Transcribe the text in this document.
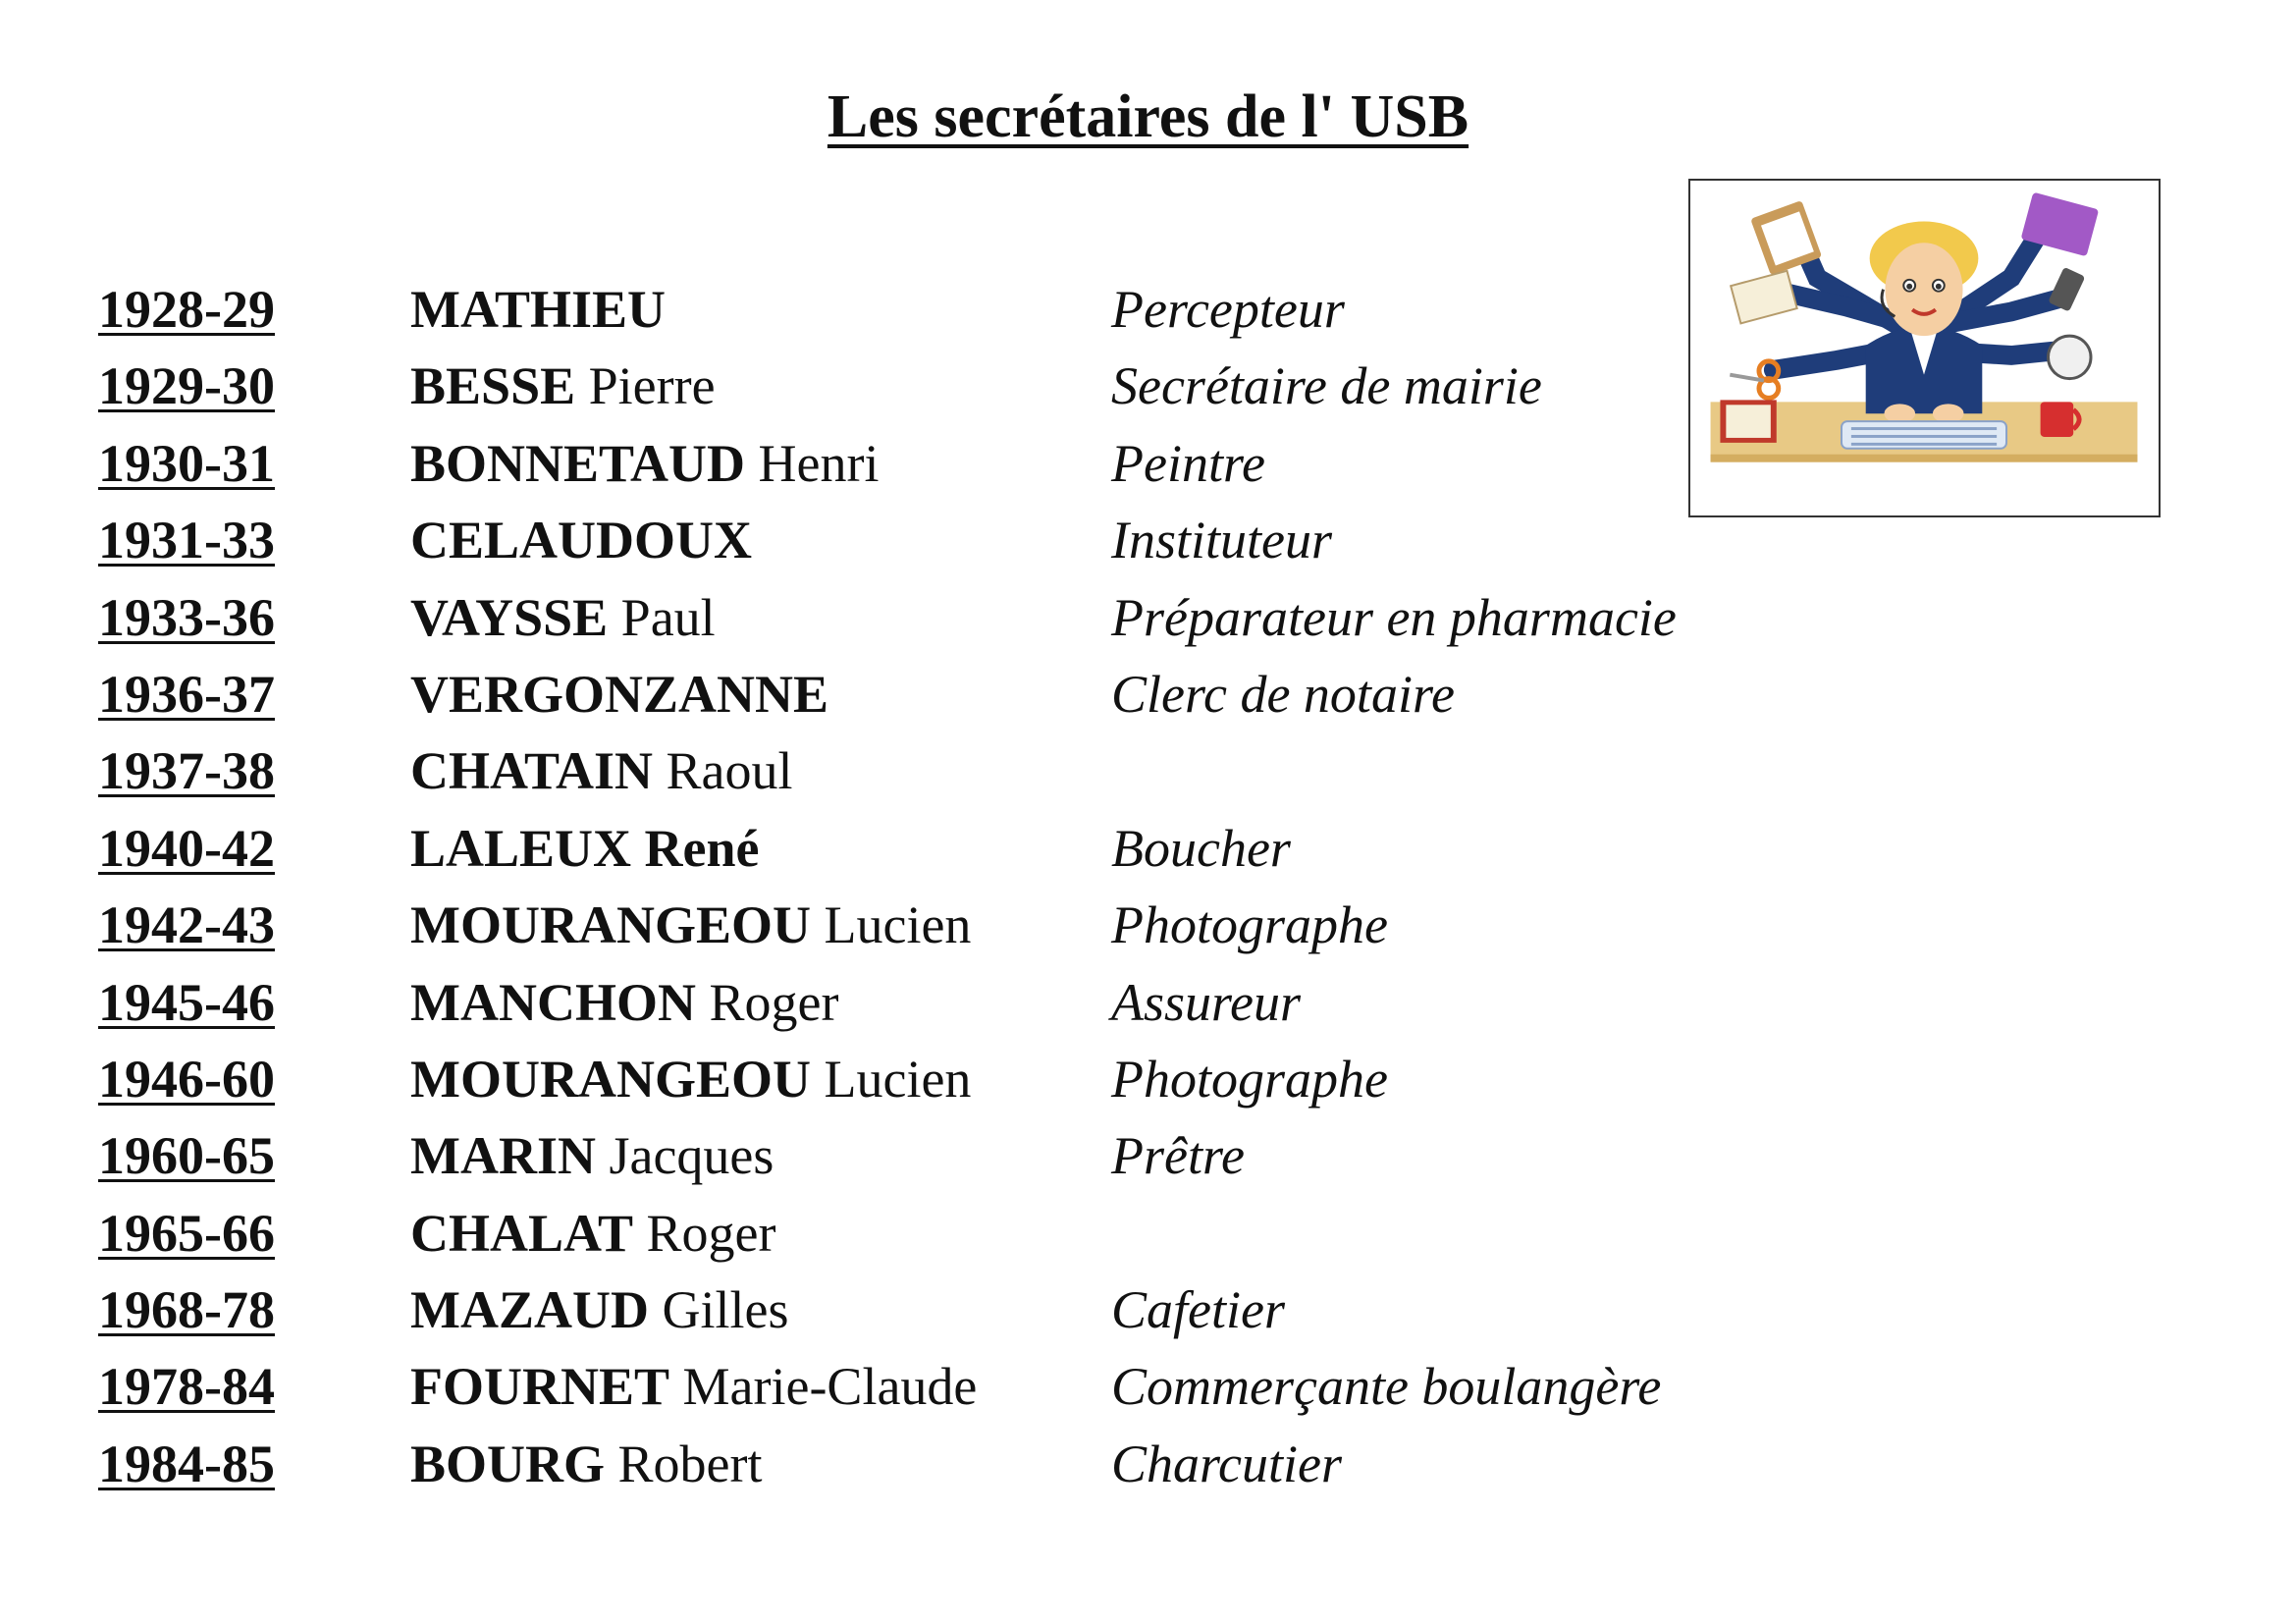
Les secrétaires de l' USB
1928-29	MATHIEU	Percepteur
1929-30	BESSE Pierre	Secrétaire de mairie
1930-31	BONNETAUD Henri	Peintre
1931-33	CELAUDOUX	Instituteur
1933-36	VAYSSE Paul	Préparateur en pharmacie
1936-37	VERGONZANNE	Clerc de notaire
1937-38	CHATAIN Raoul
1940-42	LALEUX René	Boucher
1942-43	MOURANGEOU Lucien	Photographe
1945-46	MANCHON Roger	Assureur
1946-60	MOURANGEOU Lucien	Photographe
1960-65	MARIN Jacques	Prêtre
1965-66	CHALAT Roger
1968-78	MAZAUD Gilles	Cafetier
1978-84	FOURNET Marie-Claude	Commerçante boulangère
1984-85	BOURG Robert	Charcutier
